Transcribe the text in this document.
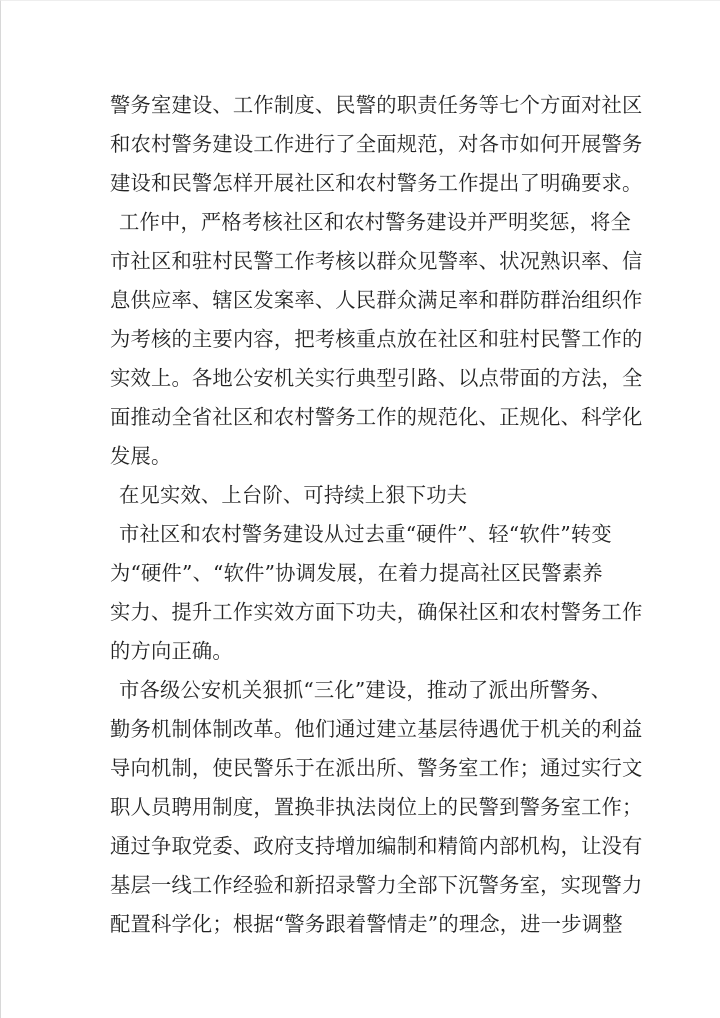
警务室建设、工作制度、民警的职责任务等七个方面对社区
和农村警务建设工作进行了全面规范，对各市如何开展警务
建设和民警怎样开展社区和农村警务工作提出了明确要求。
工作中，严格考核社区和农村警务建设并严明奖惩，将全
市社区和驻村民警工作考核以群众见警率、状况熟识率、信
息供应率、辖区发案率、人民群众满足率和群防群治组织作
为考核的主要内容，把考核重点放在社区和驻村民警工作的
实效上。各地公安机关实行典型引路、以点带面的方法，全
面推动全省社区和农村警务工作的规范化、正规化、科学化
发展。
在见实效、上台阶、可持续上狠下功夫
市社区和农村警务建设从过去重“硬件”、轻“软件”转变
为“硬件”、“软件”协调发展，在着力提高社区民警素养
实力、提升工作实效方面下功夫，确保社区和农村警务工作
的方向正确。
市各级公安机关狠抓“三化”建设，推动了派出所警务、
勤务机制体制改革。他们通过建立基层待遇优于机关的利益
导向机制，使民警乐于在派出所、警务室工作；通过实行文
职人员聘用制度，置换非执法岗位上的民警到警务室工作；
通过争取党委、政府支持增加编制和精简内部机构，让没有
基层一线工作经验和新招录警力全部下沉警务室，实现警力
配置科学化；根据“警务跟着警情走”的理念，进一步调整
